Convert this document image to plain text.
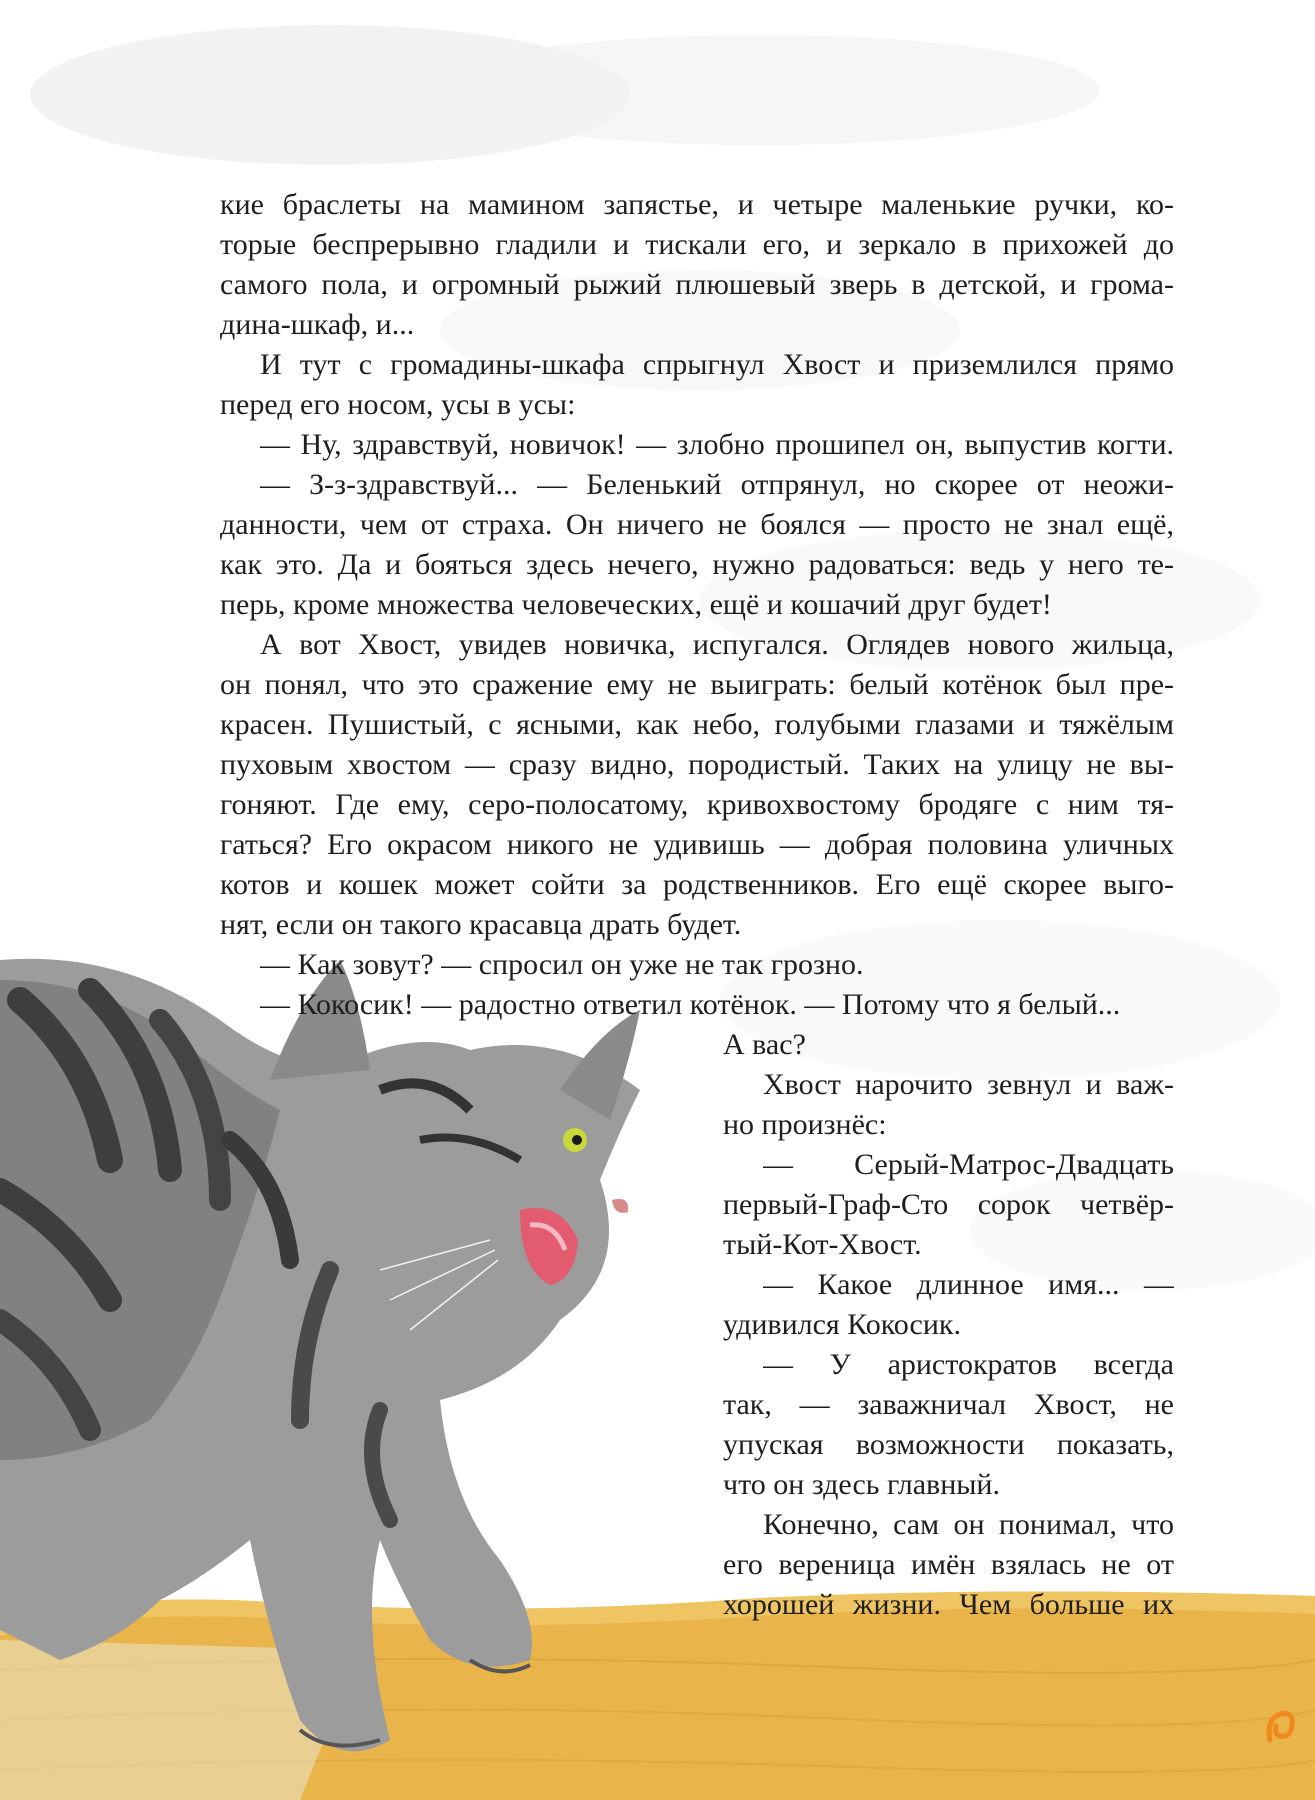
кие браслеты на мамином запястье, и четыре маленькие ручки, ко-
торые беспрерывно гладили и тискали его, и зеркало в прихожей до
самого пола, и огромный рыжий плюшевый зверь в детской, и грома-
дина-шкаф, и...
И тут с громадины-шкафа спрыгнул Хвост и приземлился прямо
перед его носом, усы в усы:
— Ну, здравствуй, новичок! — злобно прошипел он, выпустив когти.
— З-з-здравствуй... — Беленький отпрянул, но скорее от неожи-
данности, чем от страха. Он ничего не боялся — просто не знал ещё,
как это. Да и бояться здесь нечего, нужно радоваться: ведь у него те-
перь, кроме множества человеческих, ещё и кошачий друг будет!
А вот Хвост, увидев новичка, испугался. Оглядев нового жильца,
он понял, что это сражение ему не выиграть: белый котёнок был пре-
красен. Пушистый, с ясными, как небо, голубыми глазами и тяжёлым
пуховым хвостом — сразу видно, породистый. Таких на улицу не вы-
гоняют. Где ему, серо-полосатому, кривохвостому бродяге с ним тя-
гаться? Его окрасом никого не удивишь — добрая половина уличных
котов и кошек может сойти за родственников. Его ещё скорее выго-
нят, если он такого красавца драть будет.
— Как зовут? — спросил он уже не так грозно.
— Кокосик! — радостно ответил котёнок. — Потому что я белый...
А вас?
Хвост нарочито зевнул и важ-
но произнёс:
— Серый-Матрос-Двадцать
первый-Граф-Сто сорок четвёр-
тый-Кот-Хвост.
— Какое длинное имя... —
удивился Кокосик.
— У аристократов всегда
так, — заважничал Хвост, не
упуская возможности показать,
что он здесь главный.
Конечно, сам он понимал, что
его вереница имён взялась не от
хорошей жизни. Чем больше их
